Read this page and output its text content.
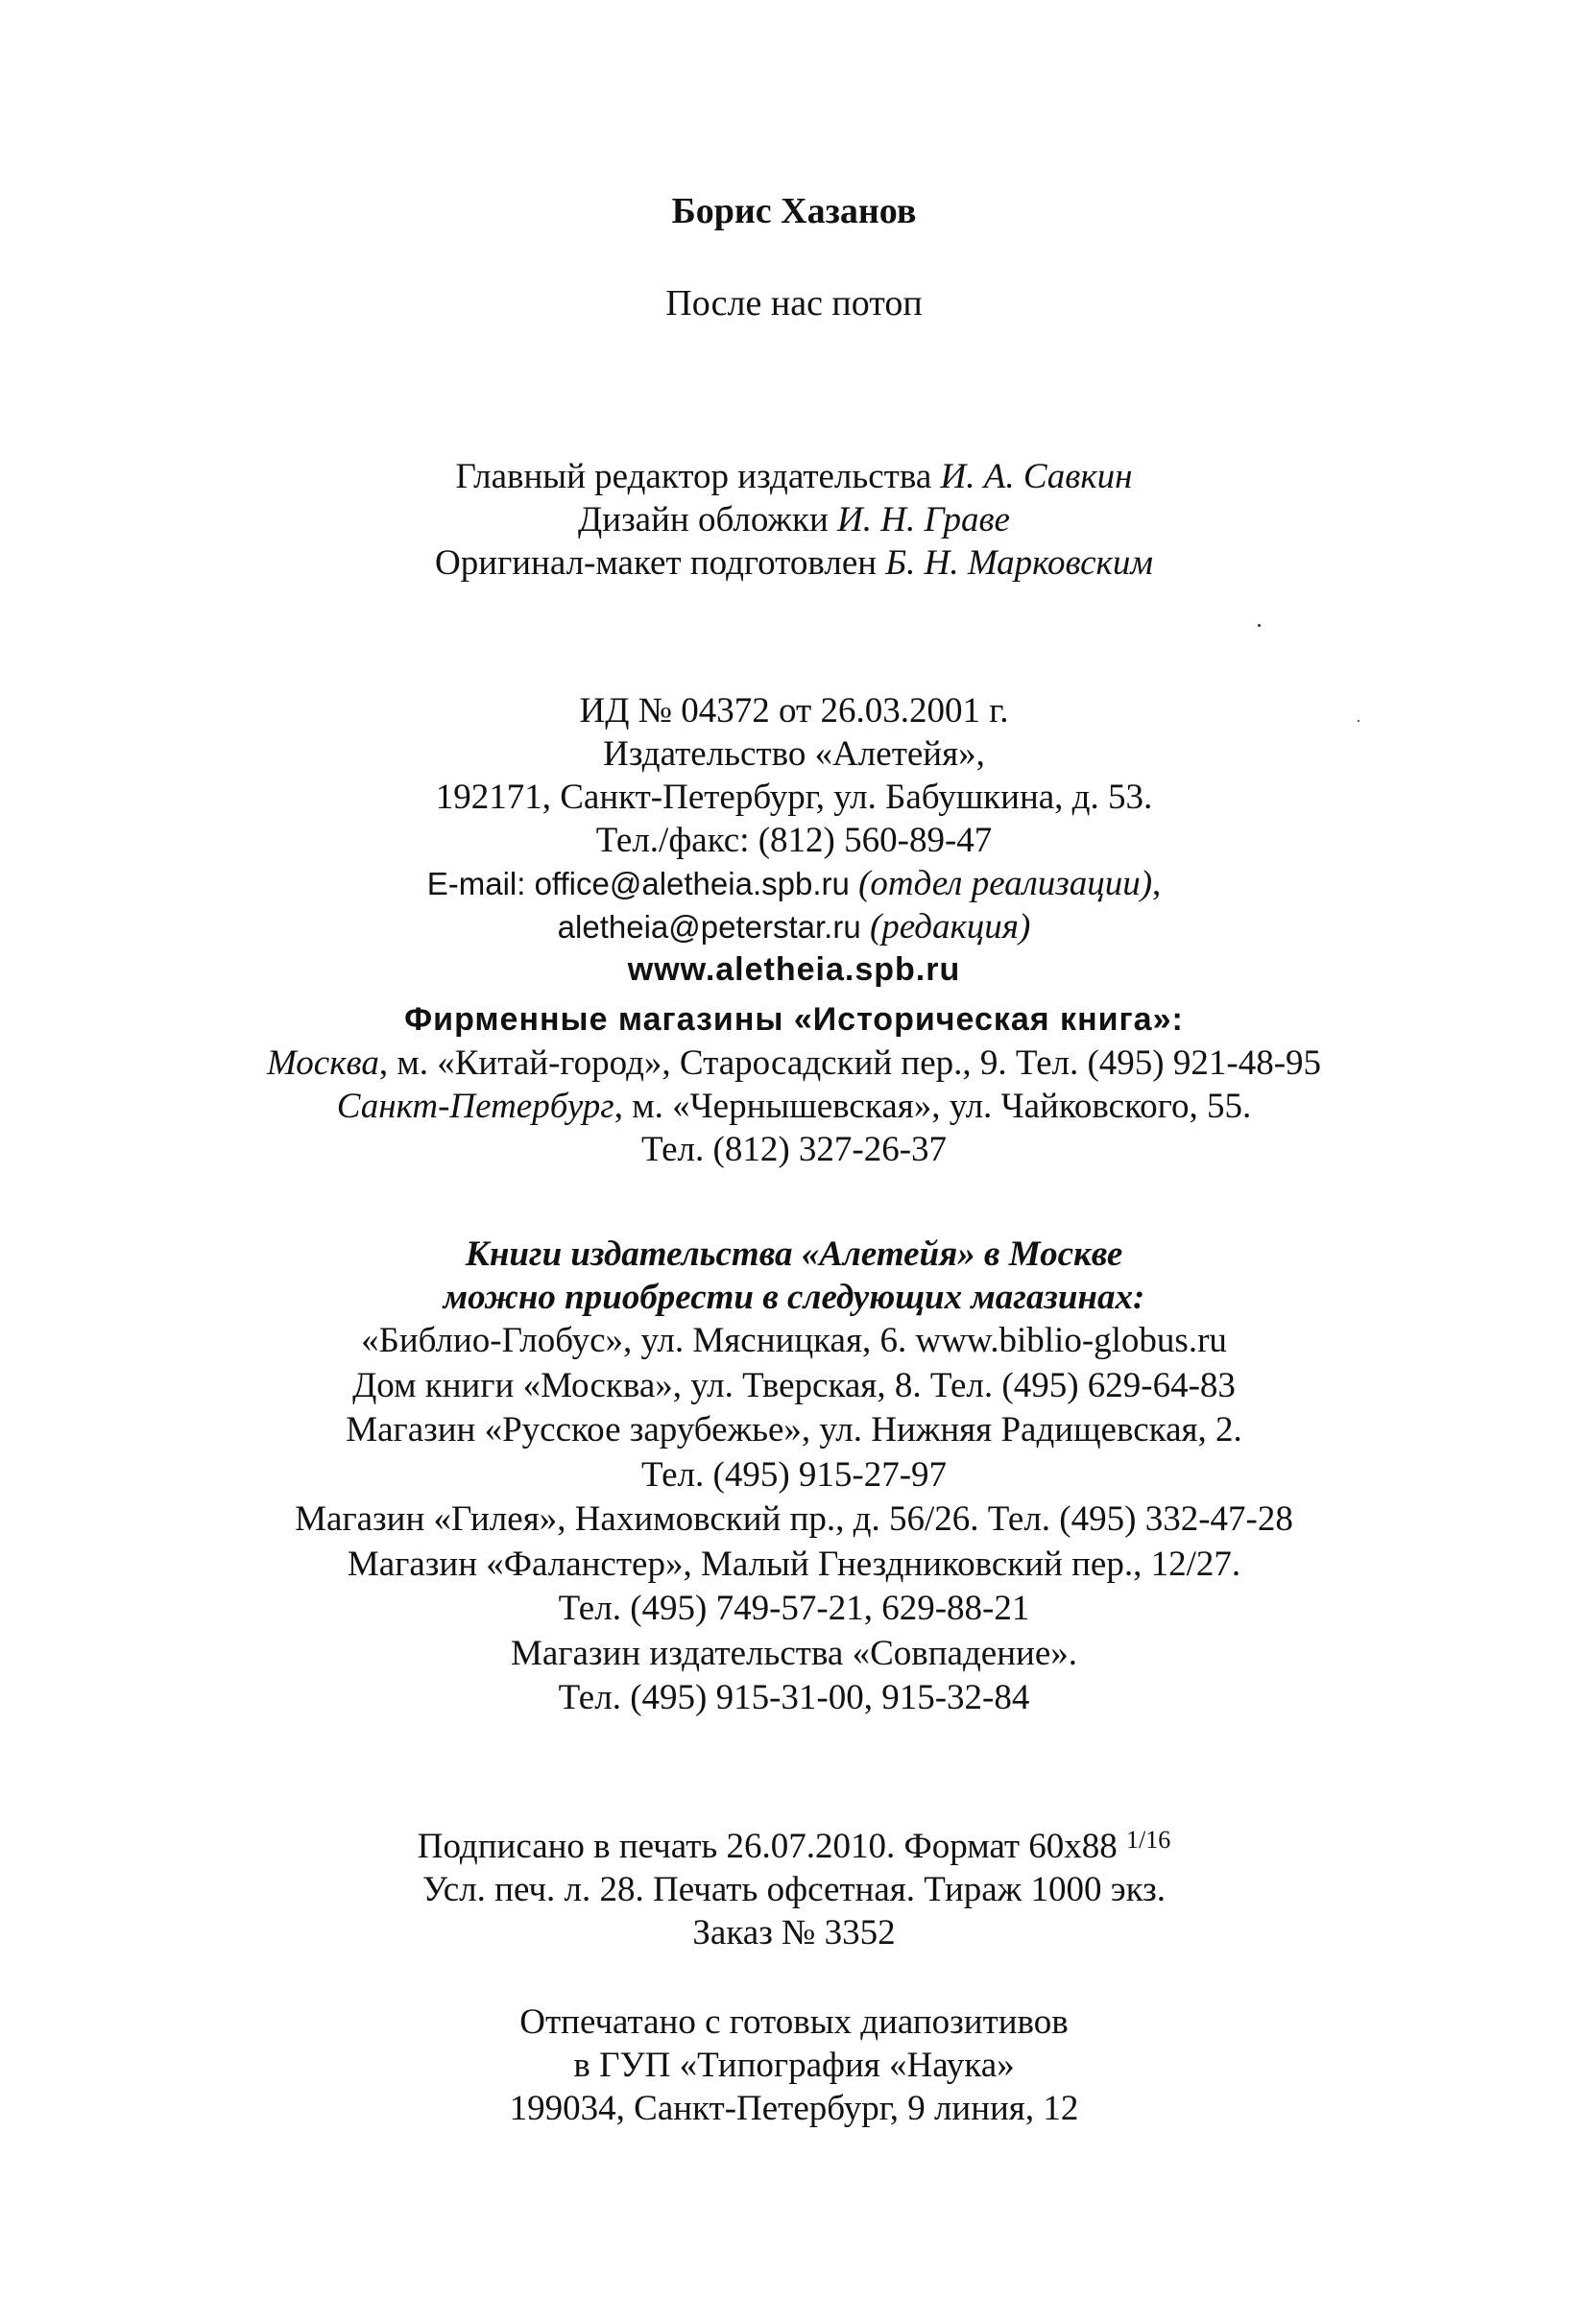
Борис Хазанов
После нас потоп
Главный редактор издательства И. А. Савкин
Дизайн обложки И. Н. Граве
Оригинал-макет подготовлен Б. Н. Марковским
ИД № 04372 от 26.03.2001 г.
Издательство «Алетейя»,
192171, Санкт-Петербург, ул. Бабушкина, д. 53.
Тел./факс: (812) 560-89-47
E-mail: office@aletheia.spb.ru (отдел реализации),
aletheia@peterstar.ru (редакция)
www.aletheia.spb.ru
Фирменные магазины «Историческая книга»:
Москва, м. «Китай-город», Старосадский пер., 9. Тел. (495) 921-48-95
Санкт-Петербург, м. «Чернышевская», ул. Чайковского, 55.
Тел. (812) 327-26-37
Книги издательства «Алетейя» в Москве
можно приобрести в следующих магазинах:
«Библио-Глобус», ул. Мясницкая, 6. www.biblio-globus.ru
Дом книги «Москва», ул. Тверская, 8. Тел. (495) 629-64-83
Магазин «Русское зарубежье», ул. Нижняя Радищевская, 2.
Тел. (495) 915-27-97
Магазин «Гилея», Нахимовский пр., д. 56/26. Тел. (495) 332-47-28
Магазин «Фаланстер», Малый Гнездниковский пер., 12/27.
Тел. (495) 749-57-21, 629-88-21
Магазин издательства «Совпадение».
Тел. (495) 915-31-00, 915-32-84
Подписано в печать 26.07.2010. Формат 60х88 $^{1/16}$
Усл. печ. л. 28. Печать офсетная. Тираж 1000 экз.
Заказ № 3352
Отпечатано с готовых диапозитивов
в ГУП «Типография «Наука»
199034, Санкт-Петербург, 9 линия, 12
